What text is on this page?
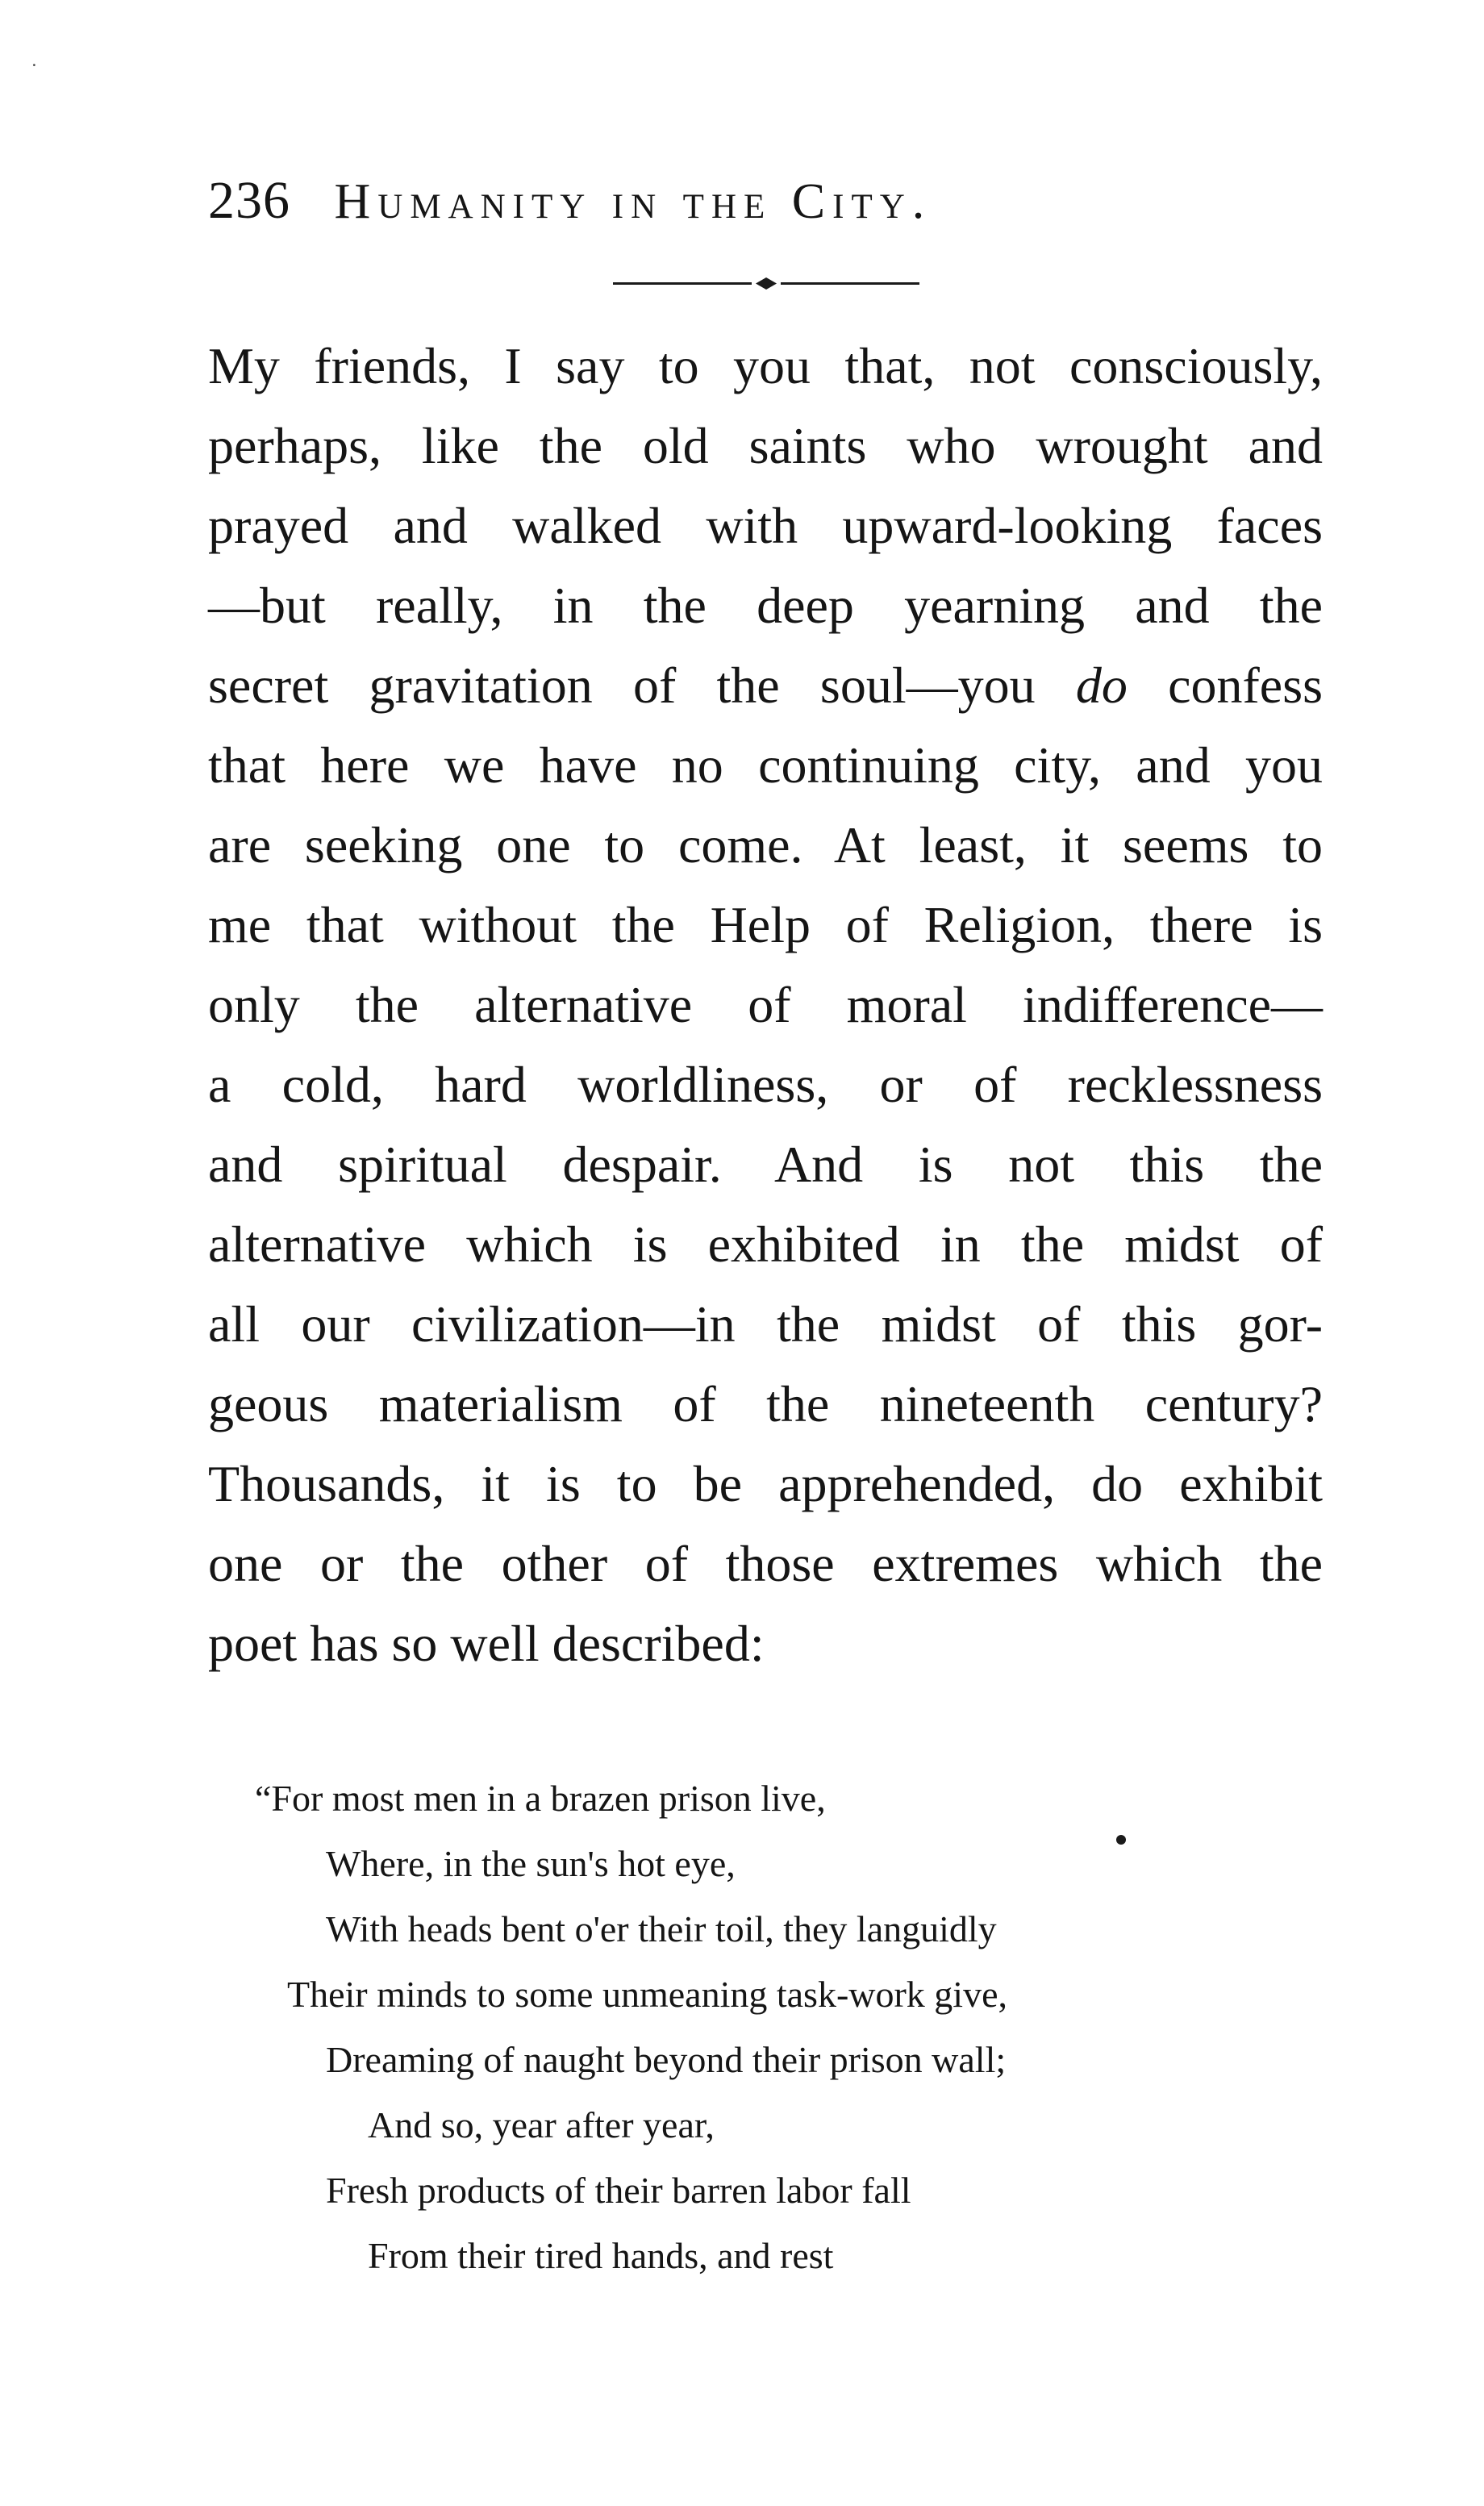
˙
236 Humanity in the City.
My friends, I say to you that, not consciously,
perhaps, like the old saints who wrought and
prayed and walked with upward-looking faces
—but really, in the deep yearning and the
secret gravitation of the soul—you do confess
that here we have no continuing city, and you
are seeking one to come. At least, it seems to
me that without the Help of Religion, there is
only the alternative of moral indifference—
a cold, hard worldliness, or of recklessness
and spiritual despair. And is not this the
alternative which is exhibited in the midst of
all our civilization—in the midst of this gor-
geous materialism of the nineteenth century?
Thousands, it is to be apprehended, do exhibit
one or the other of those extremes which the
poet has so well described:
“For most men in a brazen prison live,
Where, in the sun's hot eye,
With heads bent o'er their toil, they languidly
Their minds to some unmeaning task-work give,
Dreaming of naught beyond their prison wall;
And so, year after year,
Fresh products of their barren labor fall
From their tired hands, and rest
